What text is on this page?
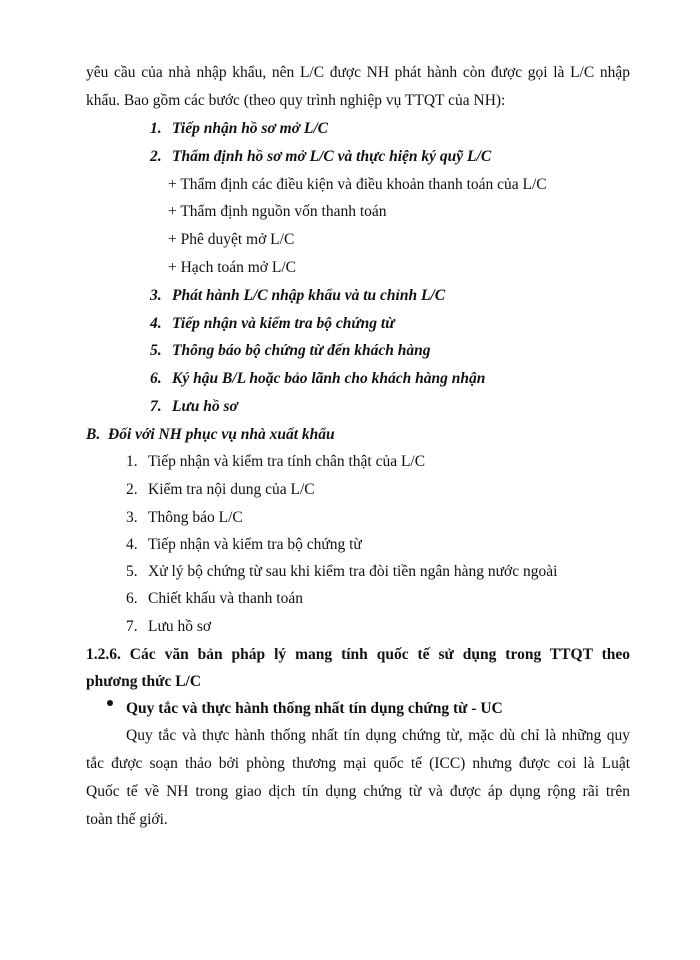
yêu cầu của nhà nhập khẩu, nên L/C được NH phát hành còn được gọi là L/C nhập
khẩu. Bao gồm các bước (theo quy trình nghiệp vụ TTQT của NH):
1. Tiếp nhận hồ sơ mở L/C
2. Thẩm định hồ sơ mở L/C và thực hiện ký quỹ L/C
+ Thẩm định các điều kiện và điều khoản thanh toán của L/C
+ Thẩm định nguồn vốn thanh toán
+ Phê duyệt mở L/C
+ Hạch toán mở L/C
3. Phát hành L/C nhập khẩu và tu chỉnh L/C
4. Tiếp nhận và kiểm tra bộ chứng từ
5. Thông báo bộ chứng từ đến khách hàng
6. Ký hậu B/L hoặc bảo lãnh cho khách hàng nhận
7. Lưu hồ sơ
B. Đối với NH phục vụ nhà xuất khẩu
1. Tiếp nhận và kiểm tra tính chân thật của L/C
2. Kiểm tra nội dung của L/C
3. Thông báo L/C
4. Tiếp nhận và kiểm tra bộ chứng từ
5. Xử lý bộ chứng từ sau khi kiểm tra đòi tiền ngân hàng nước ngoài
6. Chiết khấu và thanh toán
7. Lưu hồ sơ
1.2.6. Các văn bản pháp lý mang tính quốc tế sử dụng trong TTQT theo
phương thức L/C
Quy tắc và thực hành thống nhất tín dụng chứng từ - UC
Quy tắc và thực hành thống nhất tín dụng chứng từ, mặc dù chỉ là những quy
tắc được soạn thảo bởi phòng thương mại quốc tế (ICC) nhưng được coi là Luật
Quốc tế về NH trong giao dịch tín dụng chứng từ và được áp dụng rộng rãi trên
toàn thế giới.
